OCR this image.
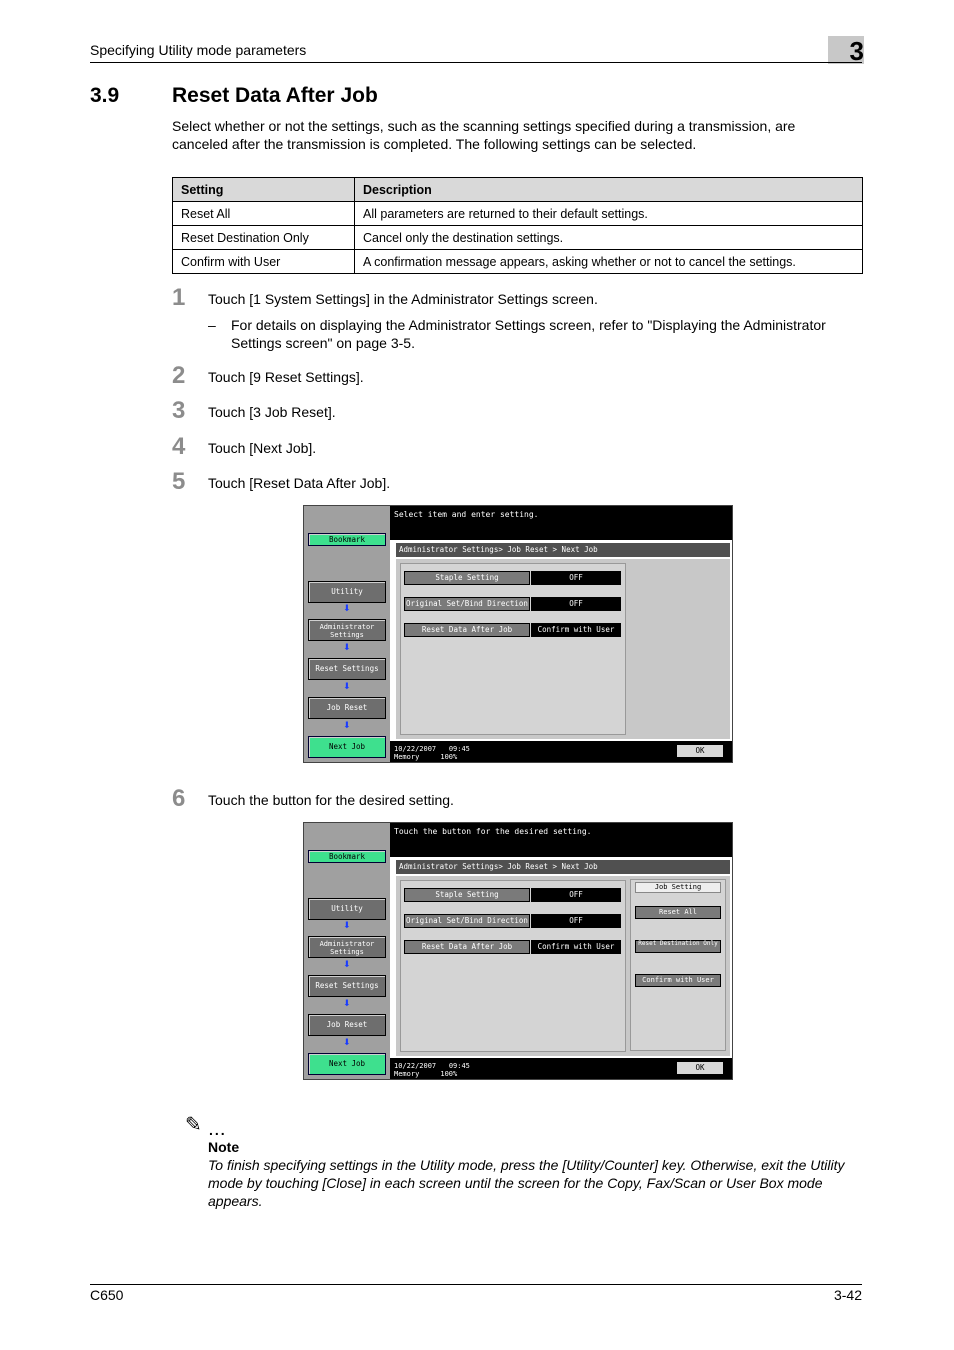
Specifying Utility mode parameters	3
3.9	Reset Data After Job
Select whether or not the settings, such as the scanning settings specified during a transmission, are canceled after the transmission is completed. The following settings can be selected.
Setting	Description
Reset All	All parameters are returned to their default settings.
Reset Destination Only	Cancel only the destination settings.
Confirm with User	A confirmation message appears, asking whether or not to cancel the settings.
1 Touch [1 System Settings] in the Administrator Settings screen.
– For details on displaying the Administrator Settings screen, refer to "Displaying the Administrator Settings screen" on page 3-5.
2 Touch [9 Reset Settings].
3 Touch [3 Job Reset].
4 Touch [Next Job].
5 Touch [Reset Data After Job].
Select item and enter setting.
Bookmark
Utility
⬇
Administrator Settings
⬇
Reset Settings
⬇
Job Reset
⬇
Next Job
Administrator Settings> Job Reset > Next Job
Staple Setting	OFF
Original Set/Bind Direction	OFF
Reset Data After Job	Confirm with User
10/22/2007 09:45
Memory	100%
OK
6 Touch the button for the desired setting.
Touch the button for the desired setting.
Bookmark
Utility
⬇
Administrator Settings
⬇
Reset Settings
⬇
Job Reset
⬇
Next Job
Administrator Settings> Job Reset > Next Job
Staple Setting	OFF
Original Set/Bind Direction	OFF
Reset Data After Job	Confirm with User
Job Setting
Reset All
Reset Destination Only
Confirm with User
10/22/2007 09:45
Memory	100%
OK
✎ ...
Note
To finish specifying settings in the Utility mode, press the [Utility/Counter] key. Otherwise, exit the Utility mode by touching [Close] in each screen until the screen for the Copy, Fax/Scan or User Box mode appears.
C650	3-42
